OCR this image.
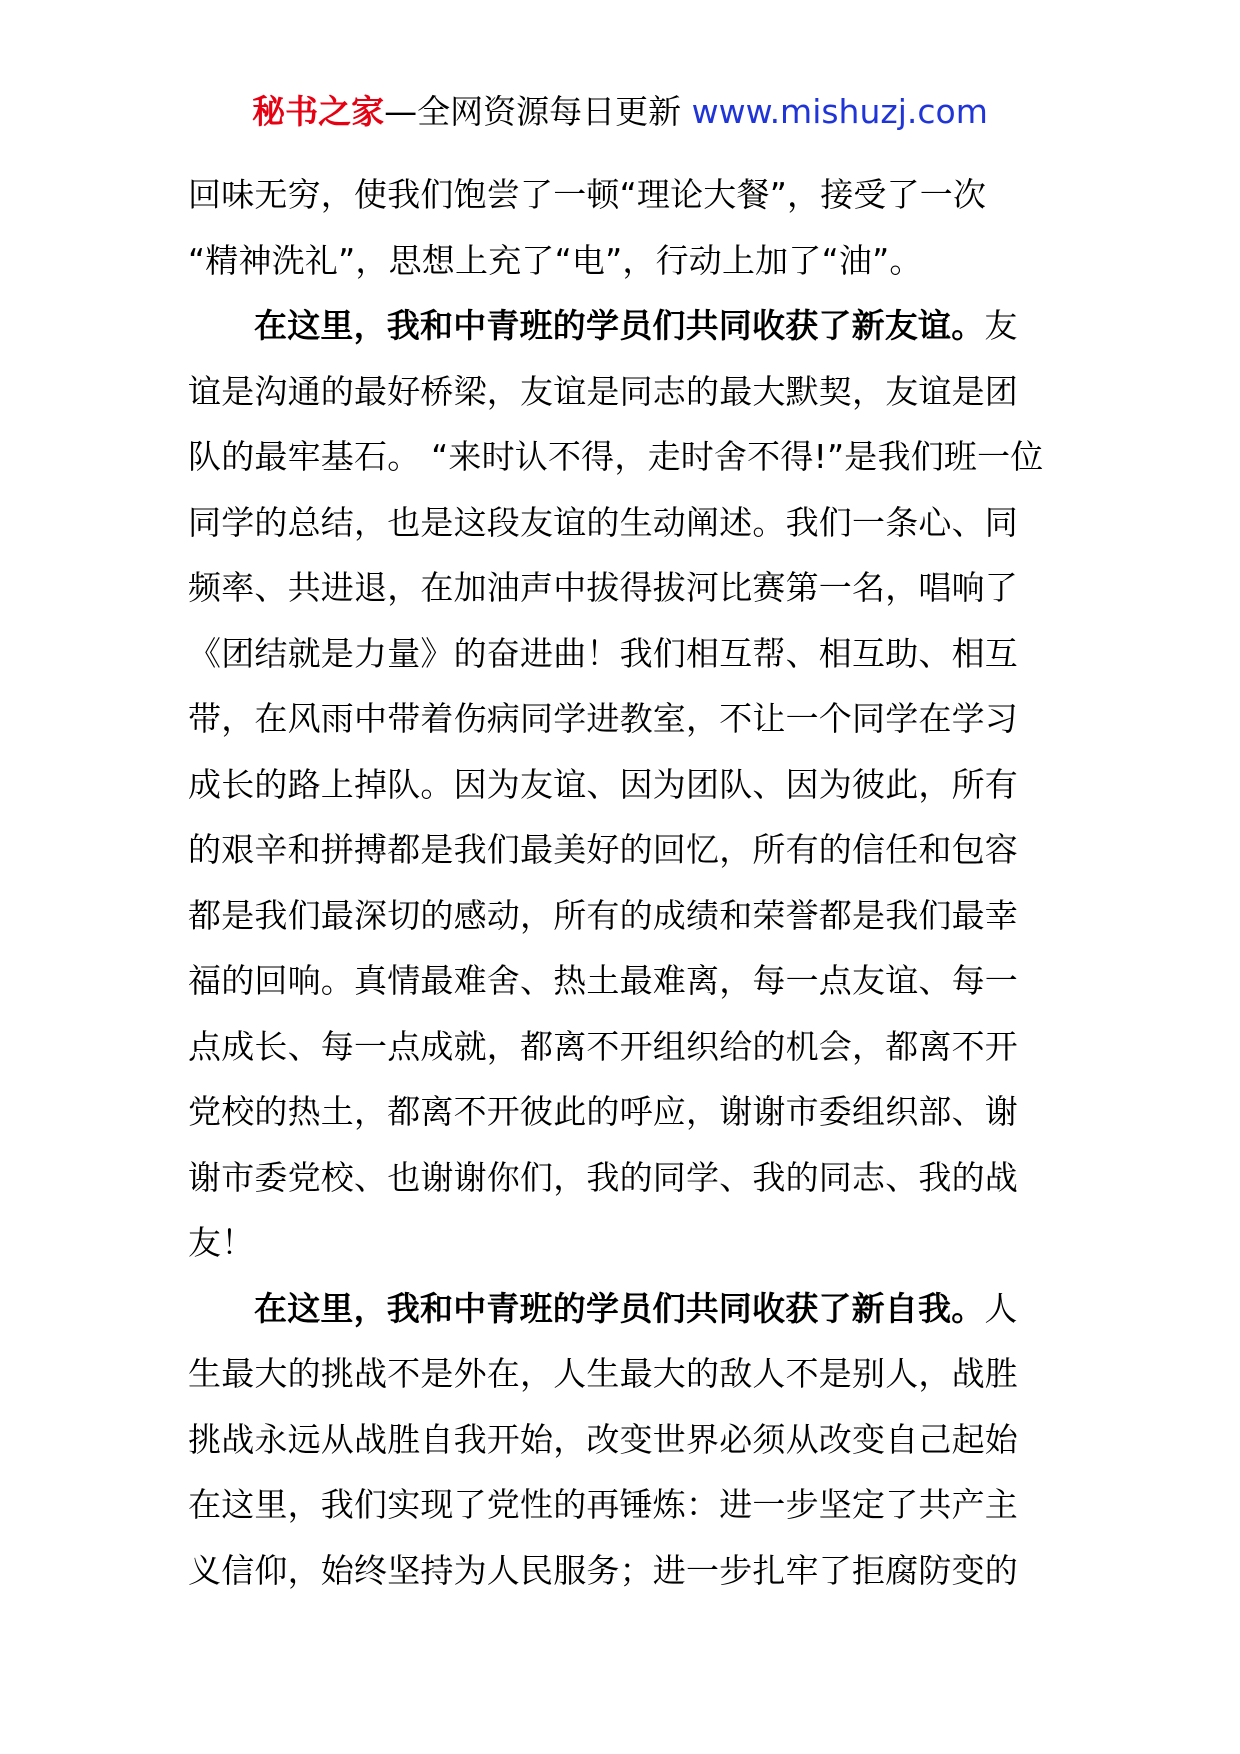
秘书之家—全网资源每日更新 www.mishuzj.com
回味无穷，使我们饱尝了一顿“理论大餐”，接受了一次
“精神洗礼”，思想上充了“电”，行动上加了“油”。
在这里，我和中青班的学员们共同收获了新友谊。友
谊是沟通的最好桥梁，友谊是同志的最大默契，友谊是团
队的最牢基石。 “来时认不得，走时舍不得!”是我们班一位
同学的总结，也是这段友谊的生动阐述。我们一条心、同
频率、共进退，在加油声中拔得拔河比赛第一名，唱响了
《团结就是力量》的奋进曲！我们相互帮、相互助、相互
带，在风雨中带着伤病同学进教室，不让一个同学在学习
成长的路上掉队。因为友谊、因为团队、因为彼此，所有
的艰辛和拼搏都是我们最美好的回忆，所有的信任和包容
都是我们最深切的感动，所有的成绩和荣誉都是我们最幸
福的回响。真情最难舍、热土最难离，每一点友谊、每一
点成长、每一点成就，都离不开组织给的机会，都离不开
党校的热土，都离不开彼此的呼应，谢谢市委组织部、谢
谢市委党校、也谢谢你们，我的同学、我的同志、我的战
友！
在这里，我和中青班的学员们共同收获了新自我。人
生最大的挑战不是外在，人生最大的敌人不是别人，战胜
挑战永远从战胜自我开始，改变世界必须从改变自己起始
在这里，我们实现了党性的再锤炼：进一步坚定了共产主
义信仰，始终坚持为人民服务；进一步扎牢了拒腐防变的
